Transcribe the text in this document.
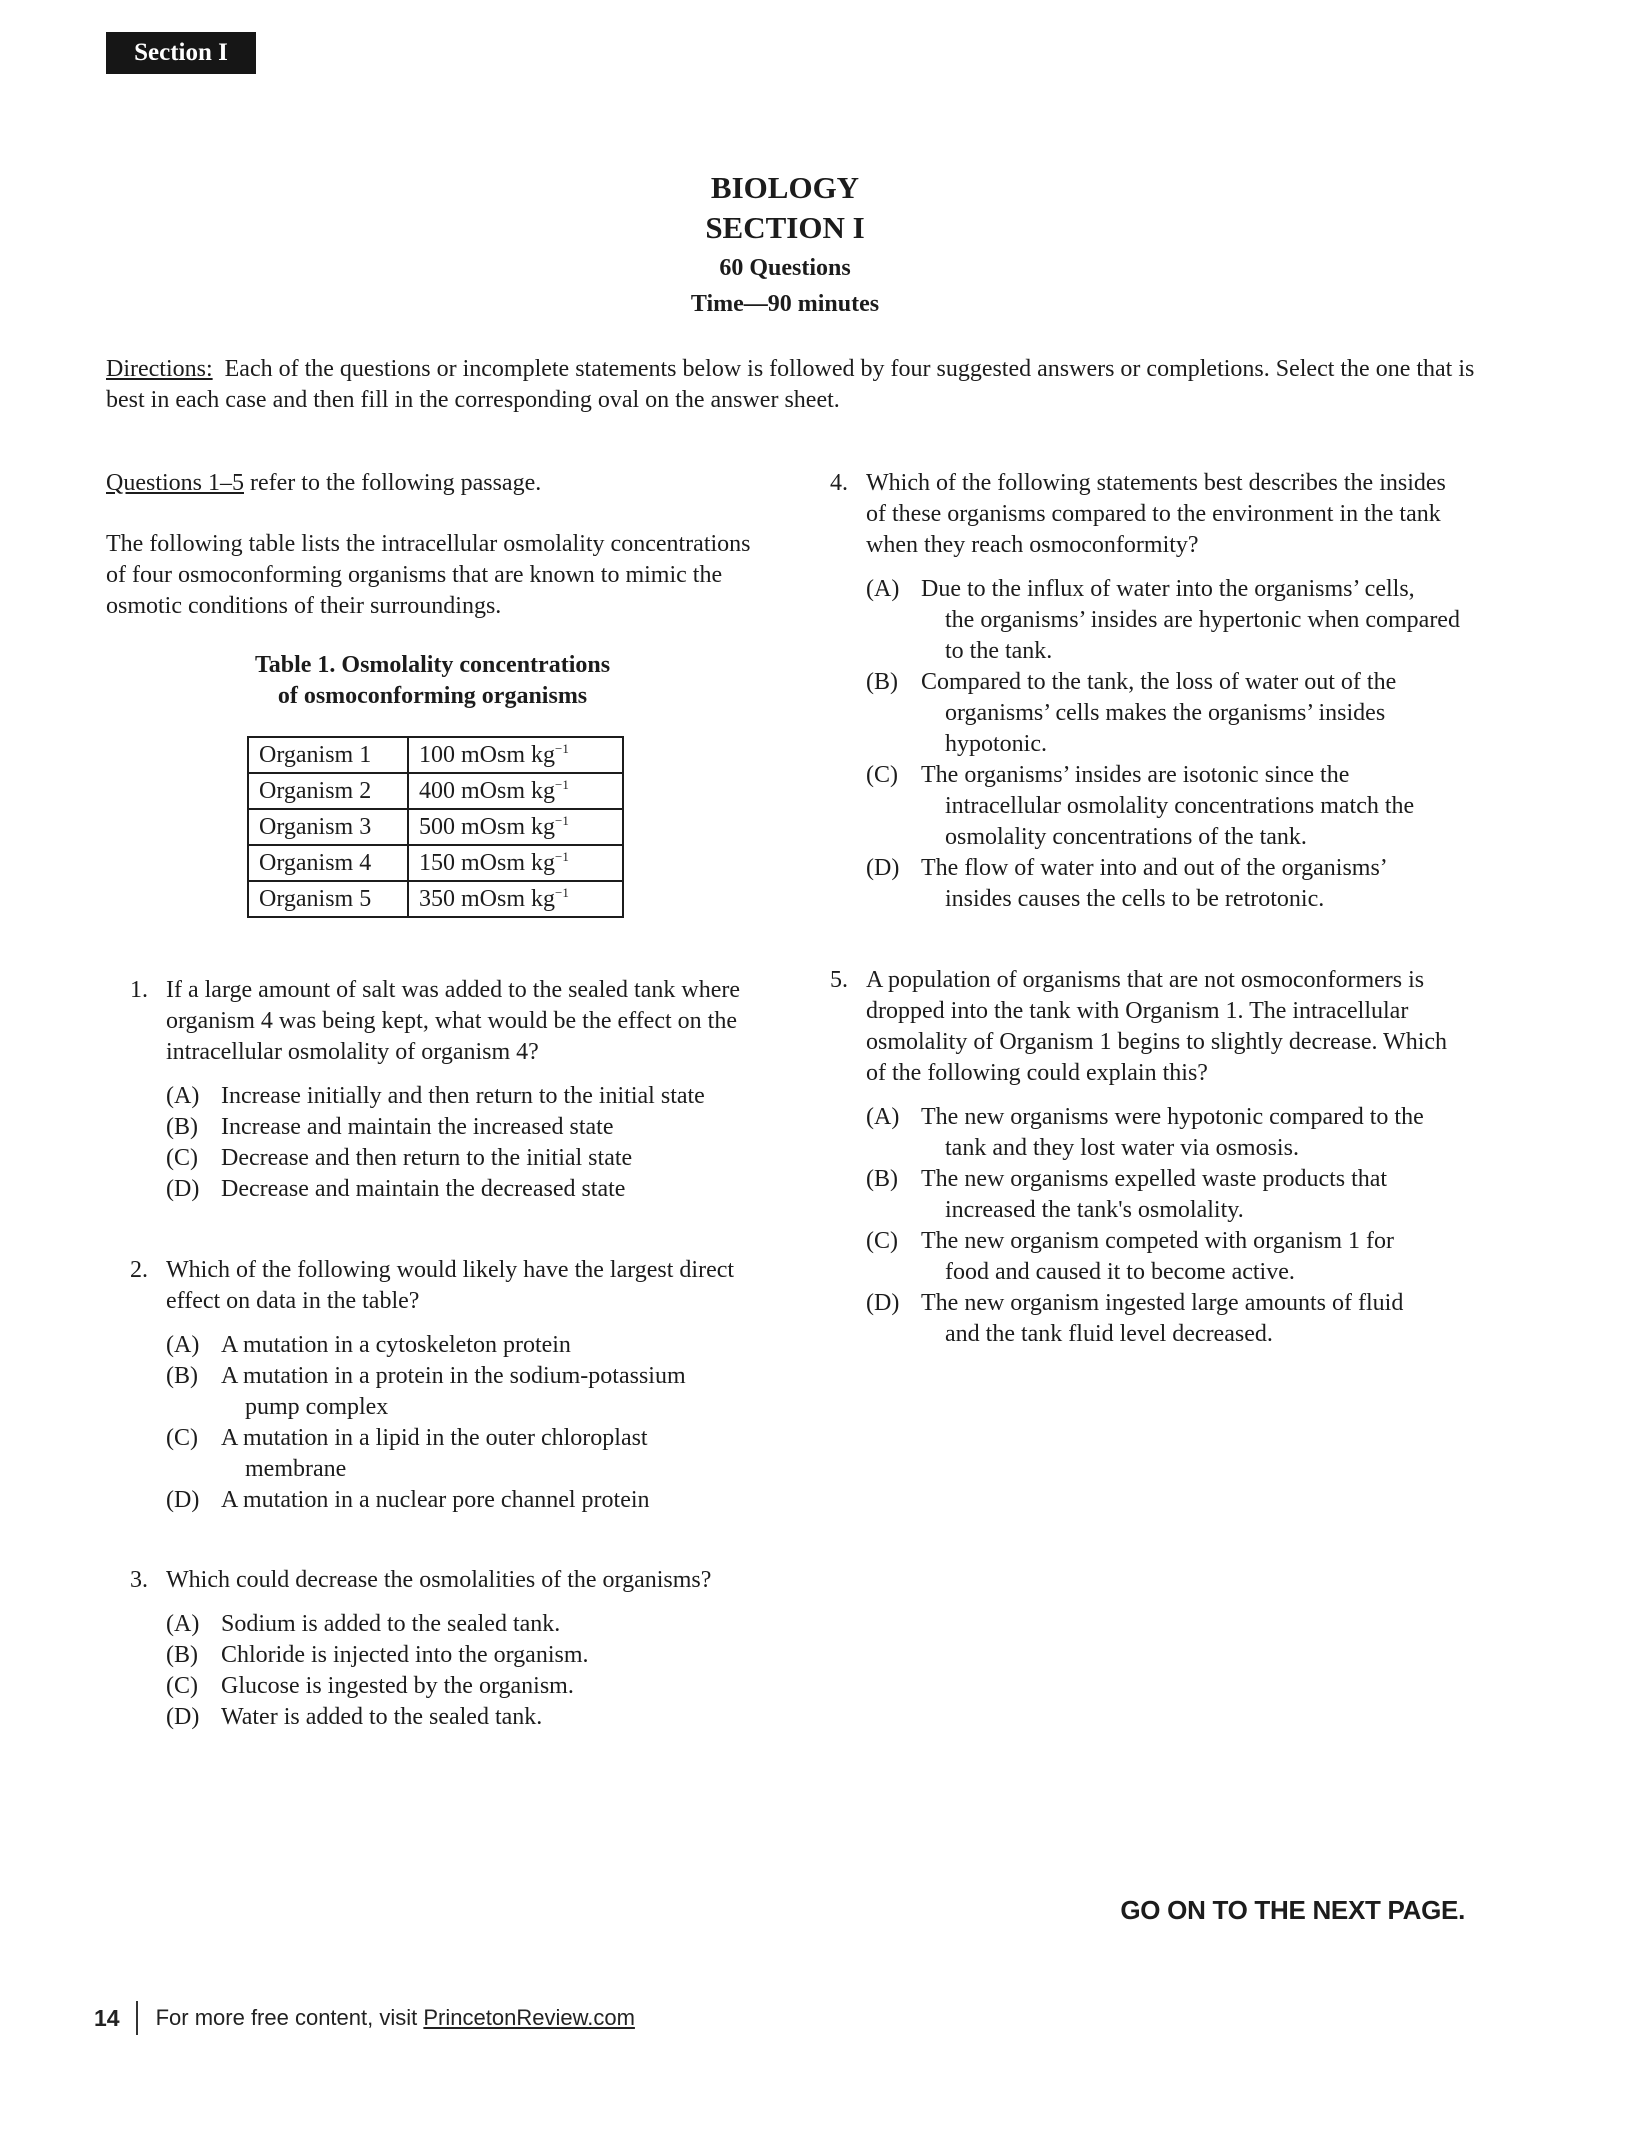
Section I
BIOLOGY
SECTION I
60 Questions
Time—90 minutes
Directions: Each of the questions or incomplete statements below is followed by four suggested answers or completions. Select the one that is best in each case and then fill in the corresponding oval on the answer sheet.

Questions 1–5 refer to the following passage.

The following table lists the intracellular osmolality concentrations of four osmoconforming organisms that are known to mimic the osmotic conditions of their surroundings.

Table 1. Osmolality concentrations
of osmoconforming organisms
Organism 1	100 mOsm $kg^{-1}$
Organism 2	400 mOsm $kg^{-1}$
Organism 3	500 mOsm $kg^{-1}$
Organism 4	150 mOsm $kg^{-1}$
Organism 5	350 mOsm $kg^{-1}$
1. If a large amount of salt was added to the sealed tank where organism 4 was being kept, what would be the effect on the intracellular osmolality of organism 4?
(A) Increase initially and then return to the initial state
(B) Increase and maintain the increased state
(C) Decrease and then return to the initial state
(D) Decrease and maintain the decreased state
2. Which of the following would likely have the largest direct effect on data in the table?
(A) A mutation in a cytoskeleton protein
(B) A mutation in a protein in the sodium-potassium
pump complex
(C) A mutation in a lipid in the outer chloroplast
membrane
(D) A mutation in a nuclear pore channel protein
3. Which could decrease the osmolalities of the organisms?
(A) Sodium is added to the sealed tank.
(B) Chloride is injected into the organism.
(C) Glucose is ingested by the organism.
(D) Water is added to the sealed tank.
4. Which of the following statements best describes the insides of these organisms compared to the environment in the tank when they reach osmoconformity?
(A) Due to the influx of water into the organisms’ cells,
the organisms’ insides are hypertonic when compared to the tank.
(B) Compared to the tank, the loss of water out of the
organisms’ cells makes the organisms’ insides hypotonic.
(C) The organisms’ insides are isotonic since the
intracellular osmolality concentrations match the osmolality concentrations of the tank.
(D) The flow of water into and out of the organisms’
insides causes the cells to be retrotonic.
5. A population of organisms that are not osmoconformers is dropped into the tank with Organism 1. The intracellular osmolality of Organism 1 begins to slightly decrease. Which of the following could explain this?
(A) The new organisms were hypotonic compared to the
tank and they lost water via osmosis.
(B) The new organisms expelled waste products that
increased the tank's osmolality.
(C) The new organism competed with organism 1 for
food and caused it to become active.
(D) The new organism ingested large amounts of fluid
and the tank fluid level decreased.
GO ON TO THE NEXT PAGE.
14 For more free content, visit
PrincetonReview.com
